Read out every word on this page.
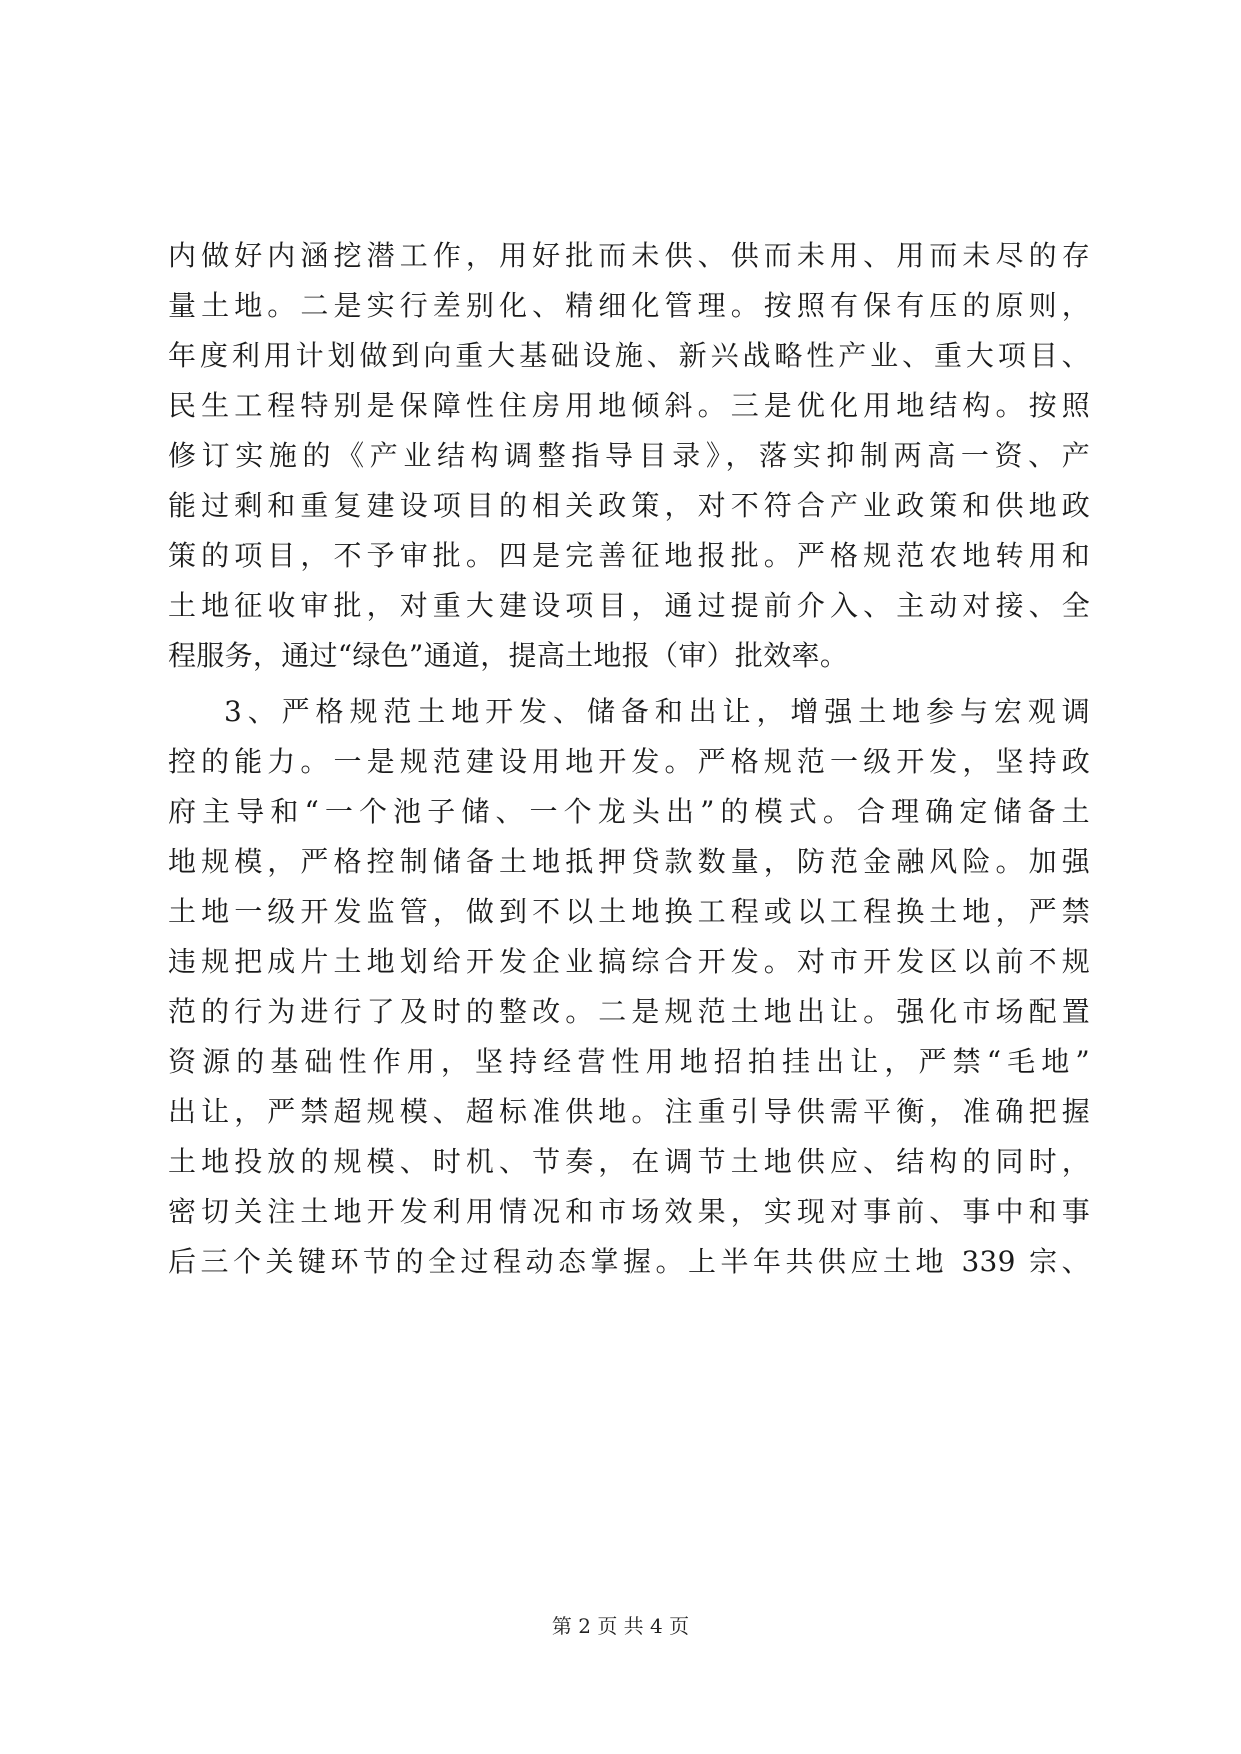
内做好内涵挖潜工作，用好批而未供、供而未用、用而未尽的存
量土地。二是实行差别化、精细化管理。按照有保有压的原则，
年度利用计划做到向重大基础设施、新兴战略性产业、重大项目、
民生工程特别是保障性住房用地倾斜。三是优化用地结构。按照
修订实施的《产业结构调整指导目录》，落实抑制两高一资、产
能过剩和重复建设项目的相关政策，对不符合产业政策和供地政
策的项目，不予审批。四是完善征地报批。严格规范农地转用和
土地征收审批，对重大建设项目，通过提前介入、主动对接、全
程服务，通过“绿色”通道，提高土地报（审）批效率。
3、严格规范土地开发、储备和出让，增强土地参与宏观调
控的能力。一是规范建设用地开发。严格规范一级开发，坚持政
府主导和“一个池子储、一个龙头出”的模式。合理确定储备土
地规模，严格控制储备土地抵押贷款数量，防范金融风险。加强
土地一级开发监管，做到不以土地换工程或以工程换土地，严禁
违规把成片土地划给开发企业搞综合开发。对市开发区以前不规
范的行为进行了及时的整改。二是规范土地出让。强化市场配置
资源的基础性作用，坚持经营性用地招拍挂出让，严禁“毛地”
出让，严禁超规模、超标准供地。注重引导供需平衡，准确把握
土地投放的规模、时机、节奏，在调节土地供应、结构的同时，
密切关注土地开发利用情况和市场效果，实现对事前、事中和事
后三个关键环节的全过程动态掌握。上半年共供应土地 339 宗、
第 2 页 共 4 页
